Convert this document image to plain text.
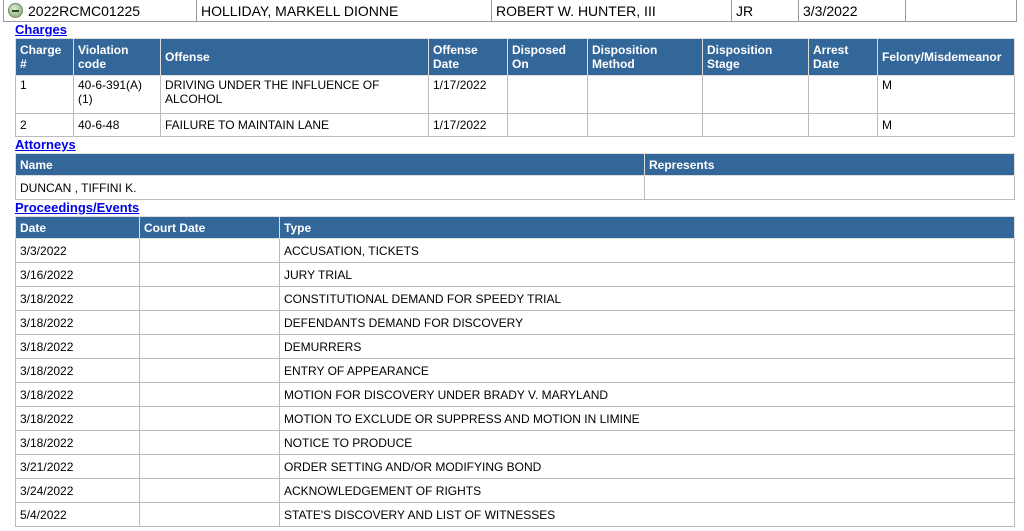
2022RCMC01225	HOLLIDAY, MARKELL DIONNE	ROBERT W. HUNTER, III	JR	3/3/2022
Charges
Charge #	Violation code	Offense	Offense Date	Disposed On	Disposition Method	Disposition Stage	Arrest Date	Felony/Misdemeanor
1	40-6-391(A)(1)	DRIVING UNDER THE INFLUENCE OF ALCOHOL	1/17/2022					M
2	40-6-48	FAILURE TO MAINTAIN LANE	1/17/2022					M
Attorneys
Name	Represents
DUNCAN , TIFFINI K.	
Proceedings/Events
Date	Court Date	Type
3/3/2022		ACCUSATION, TICKETS
3/16/2022		JURY TRIAL
3/18/2022		CONSTITUTIONAL DEMAND FOR SPEEDY TRIAL
3/18/2022		DEFENDANTS DEMAND FOR DISCOVERY
3/18/2022		DEMURRERS
3/18/2022		ENTRY OF APPEARANCE
3/18/2022		MOTION FOR DISCOVERY UNDER BRADY V. MARYLAND
3/18/2022		MOTION TO EXCLUDE OR SUPPRESS AND MOTION IN LIMINE
3/18/2022		NOTICE TO PRODUCE
3/21/2022		ORDER SETTING AND/OR MODIFYING BOND
3/24/2022		ACKNOWLEDGEMENT OF RIGHTS
5/4/2022		STATE'S DISCOVERY AND LIST OF WITNESSES
